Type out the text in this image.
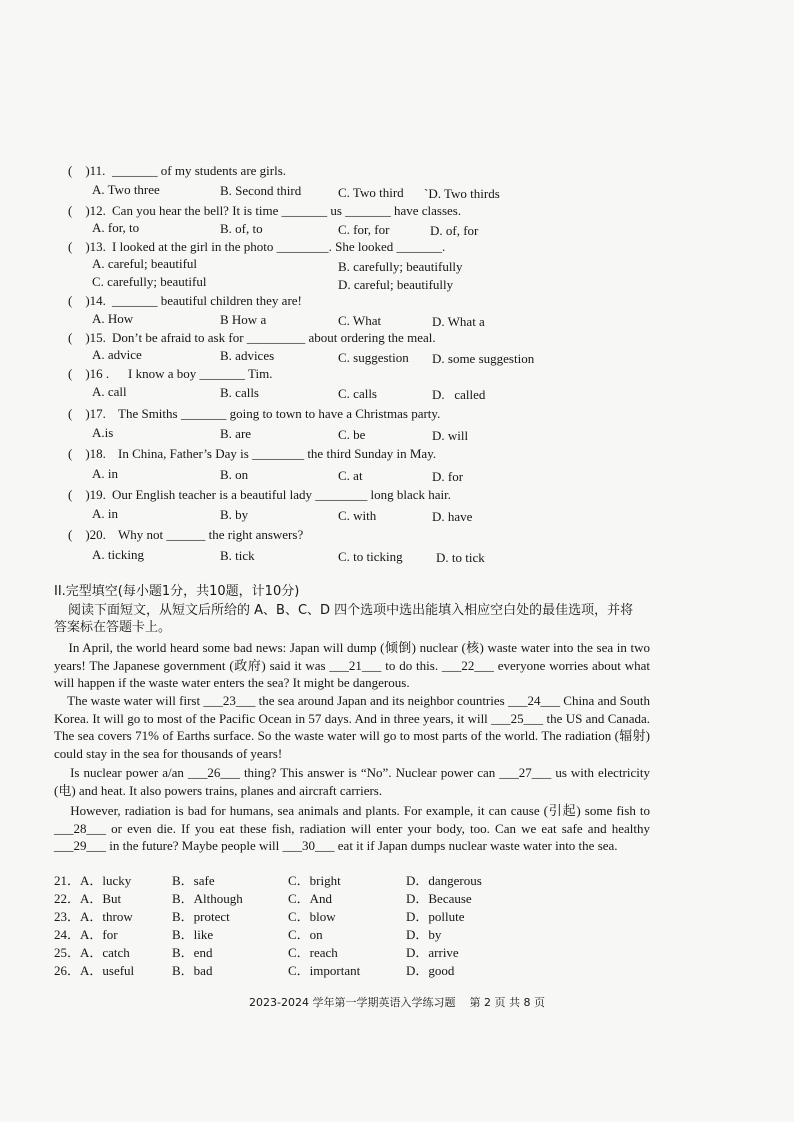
(    )11. _______ of my students are girls.
A. Two three	B. Second third	C. Two third `D. Two thirds
(    )12. Can you hear the bell? It is time _______ us _______ have classes.
A. for, to	B. of, to	C. for, for	D. of, for
(    )13. I looked at the girl in the photo ________. She looked _______.
A. careful; beautiful	B. carefully; beautifully
C. carefully; beautiful	D. careful; beautifully
(    )14. _______ beautiful children they are!
A. How	B How a	C. What	D. What a
(    )15. Don’t be afraid to ask for _________ about ordering the meal.
A. advice	B. advices	C. suggestion D. some suggestion
(    )16 . I know a boy _______ Tim.
A. call	B. calls	C. calls	D.   called
(    )17. The Smiths _______ going to town to have a Christmas party.
A.is	B. are	C. be	D. will
(    )18. In China, Father’s Day is ________ the third Sunday in May.
A. in	B. on	C. at	D. for
(    )19. Our English teacher is a beautiful lady ________ long black hair.
A. in	B. by	C. with	D. have
(    )20. Why not ______ the right answers?
A. ticking	B. tick	C. to ticking	D. to tick
II.完型填空(每小题1分，共10题，计10分)
阅读下面短文，从短文后所给的 A、B、C、D 四个选项中选出能填入相应空白处的最佳选项，并将
答案标在答题卡上。
In April, the world heard some bad news: Japan will dump (倾倒) nuclear (核) waste water into the sea in two years! The Japanese government (政府) said it was ___21___ to do this. ___22___ everyone worries about what will happen if the waste water enters the sea? It might be dangerous.
The waste water will first ___23___ the sea around Japan and its neighbor countries ___24___ China and South Korea. It will go to most of the Pacific Ocean in 57 days. And in three years, it will ___25___ the US and Canada. The sea covers 71% of Earths surface. So the waste water will go to most parts of the world. The radiation (辐射) could stay in the sea for thousands of years!
Is nuclear power a/an ___26___ thing? This answer is “No”. Nuclear power can ___27___ us with electricity (电) and heat. It also powers trains, planes and aircraft carriers.
However, radiation is bad for humans, sea animals and plants. For example, it can cause (引起) some fish to ___28___ or even die. If you eat these fish, radiation will enter your body, too. Can we eat safe and healthy ___29___ in the future? Maybe people will ___30___ eat it if Japan dumps nuclear waste water into the sea.
21． A．lucky	B．safe	C．bright	D．dangerous
22． A．But	B．Although	C．And	D．Because
23． A．throw	B．protect	C．blow	D．pollute
24． A．for	B．like	C．on	D．by
25． A．catch	B．end	C．reach	D．arrive
26． A．useful	B．bad	C．important	D．good
2023-2024 学年第一学期英语入学练习题    第 2 页 共 8 页
